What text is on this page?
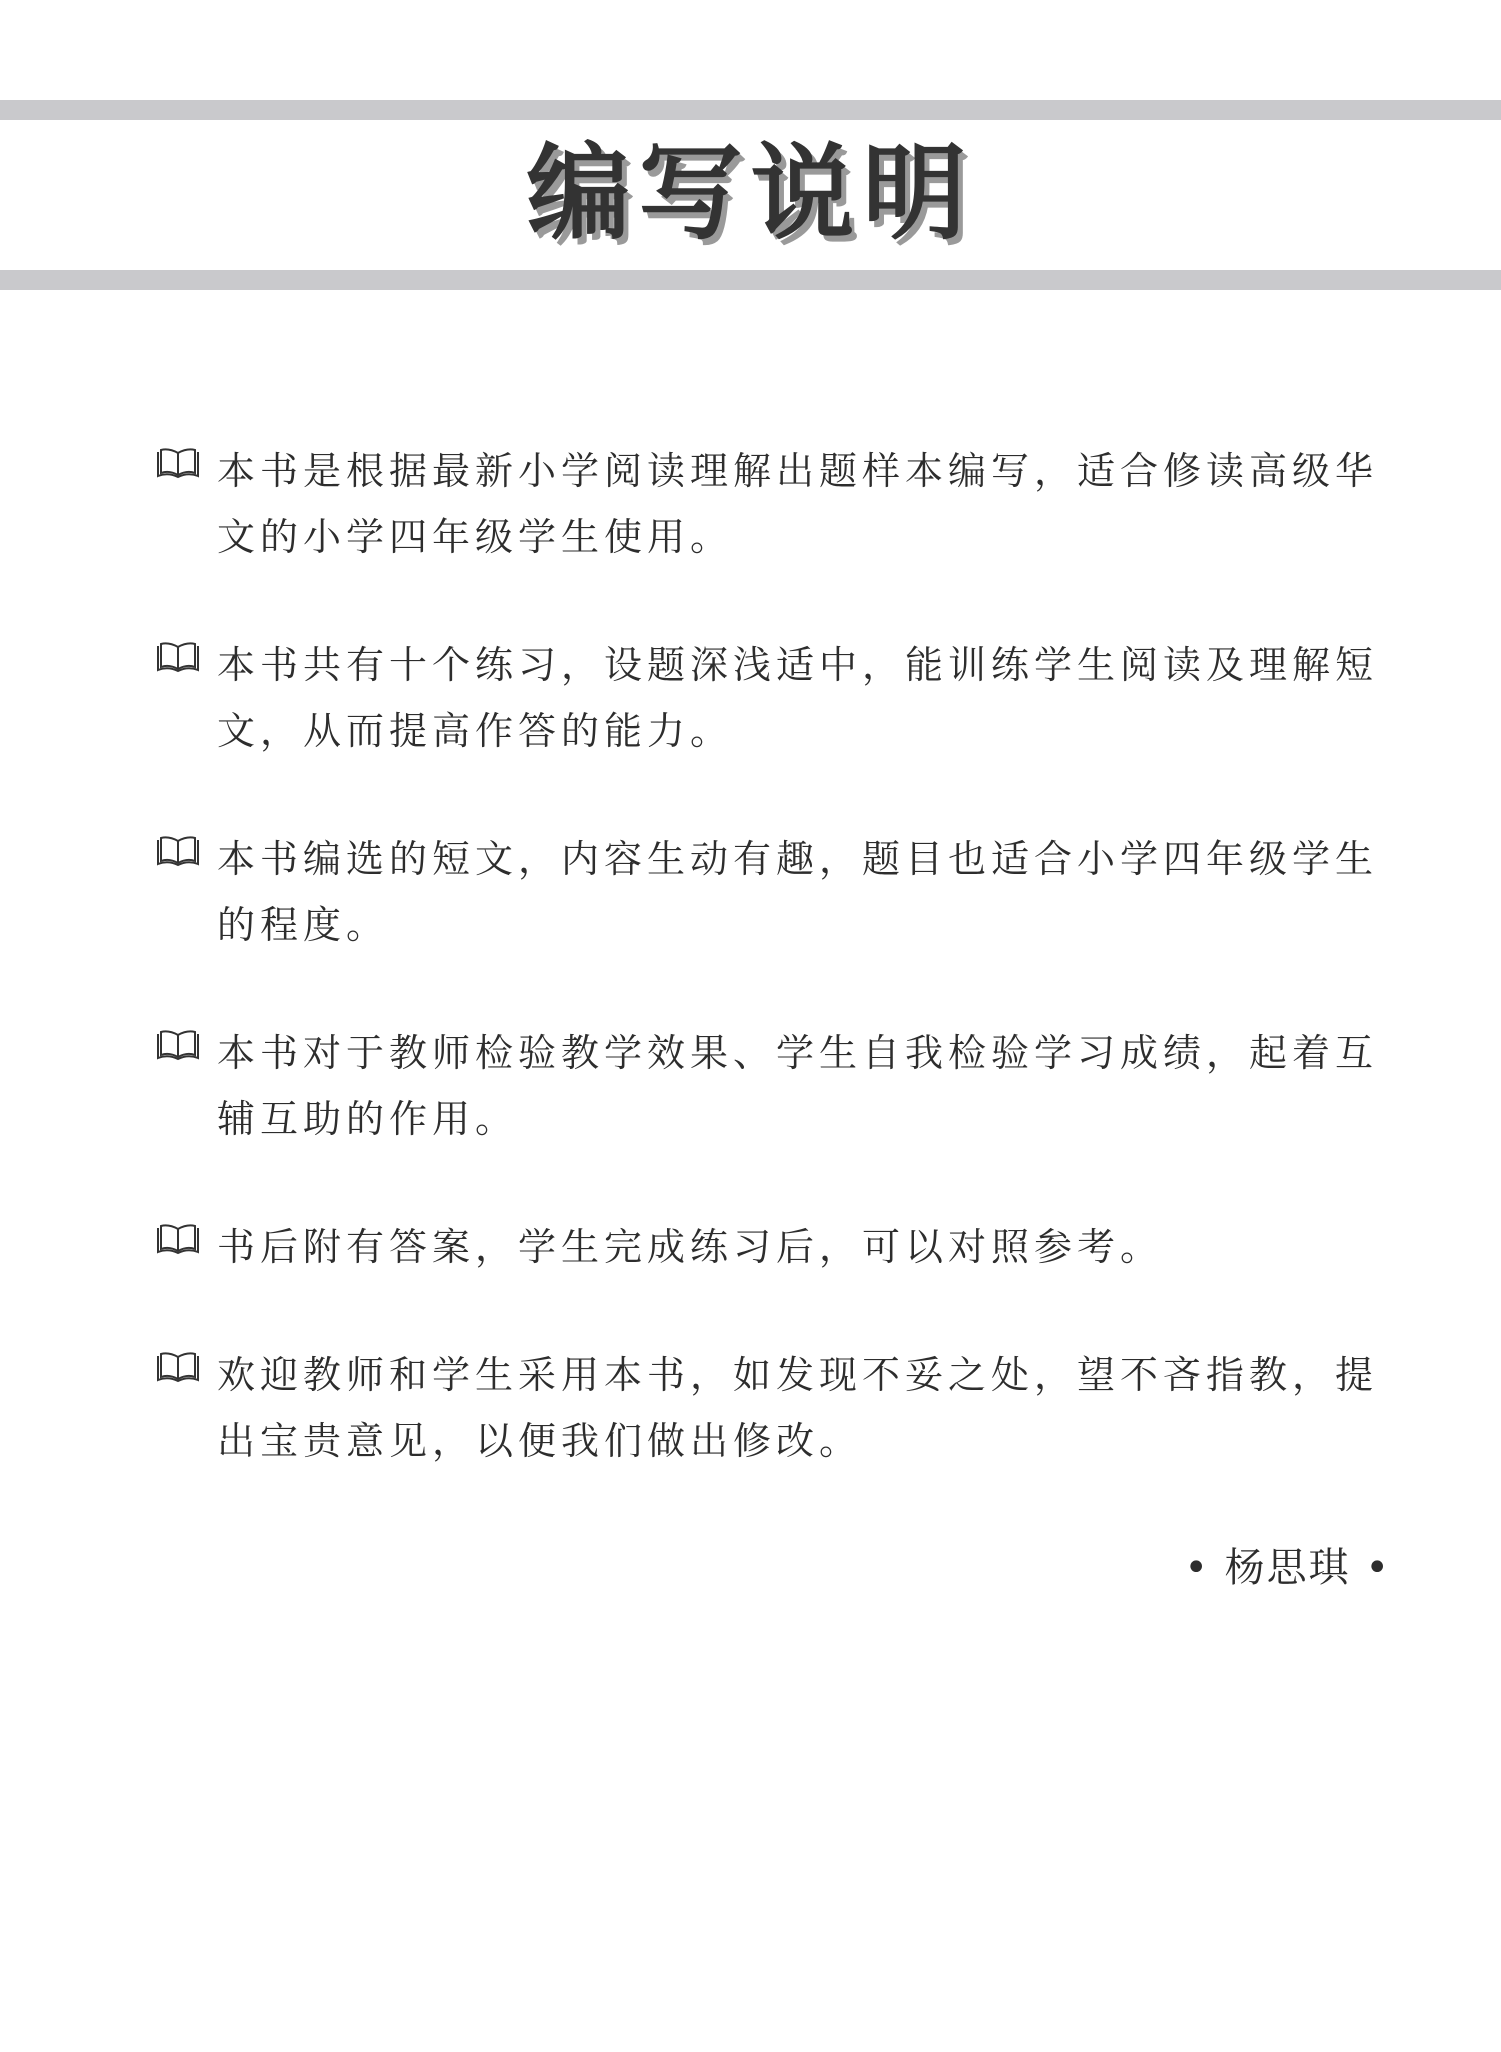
编写说明
本书是根据最新小学阅读理解出题样本编写，适合修读高级华文的小学四年级学生使用。
本书共有十个练习，设题深浅适中，能训练学生阅读及理解短文，从而提高作答的能力。
本书编选的短文，内容生动有趣，题目也适合小学四年级学生的程度。
本书对于教师检验教学效果、学生自我检验学习成绩，起着互辅互助的作用。
书后附有答案，学生完成练习后，可以对照参考。
欢迎教师和学生采用本书，如发现不妥之处，望不吝指教，提出宝贵意见，以便我们做出修改。
• 杨思琪 •
